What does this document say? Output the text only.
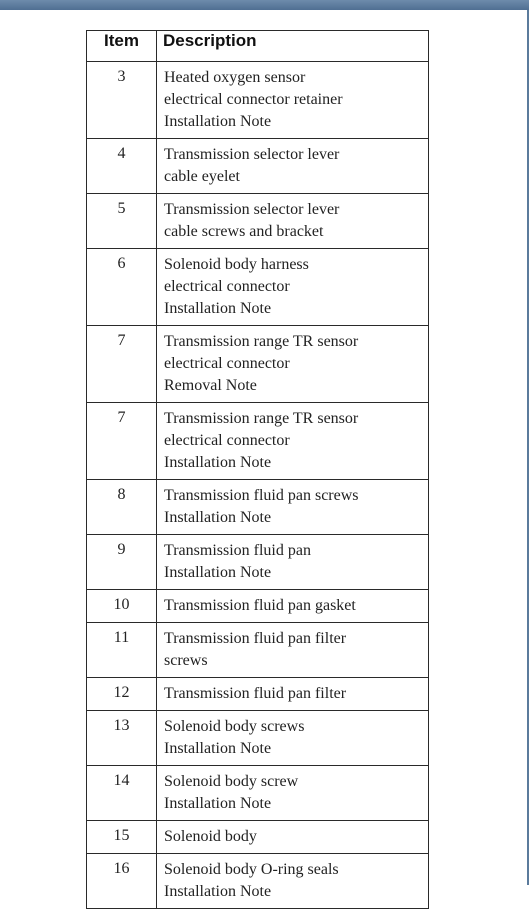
Item	Description
3	Heated oxygen sensor
electrical connector retainer
Installation Note

4	Transmission selector lever
cable eyelet

5	Transmission selector lever
cable screws and bracket

6	Solenoid body harness
electrical connector
Installation Note

7	Transmission range TR sensor
electrical connector
Removal Note

7	Transmission range TR sensor
electrical connector
Installation Note

8	Transmission fluid pan screws
Installation Note

9	Transmission fluid pan
Installation Note

10	Transmission fluid pan gasket

11	Transmission fluid pan filter
screws

12	Transmission fluid pan filter

13	Solenoid body screws
Installation Note

14	Solenoid body screw
Installation Note

15	Solenoid body

16	Solenoid body O-ring seals
Installation Note
